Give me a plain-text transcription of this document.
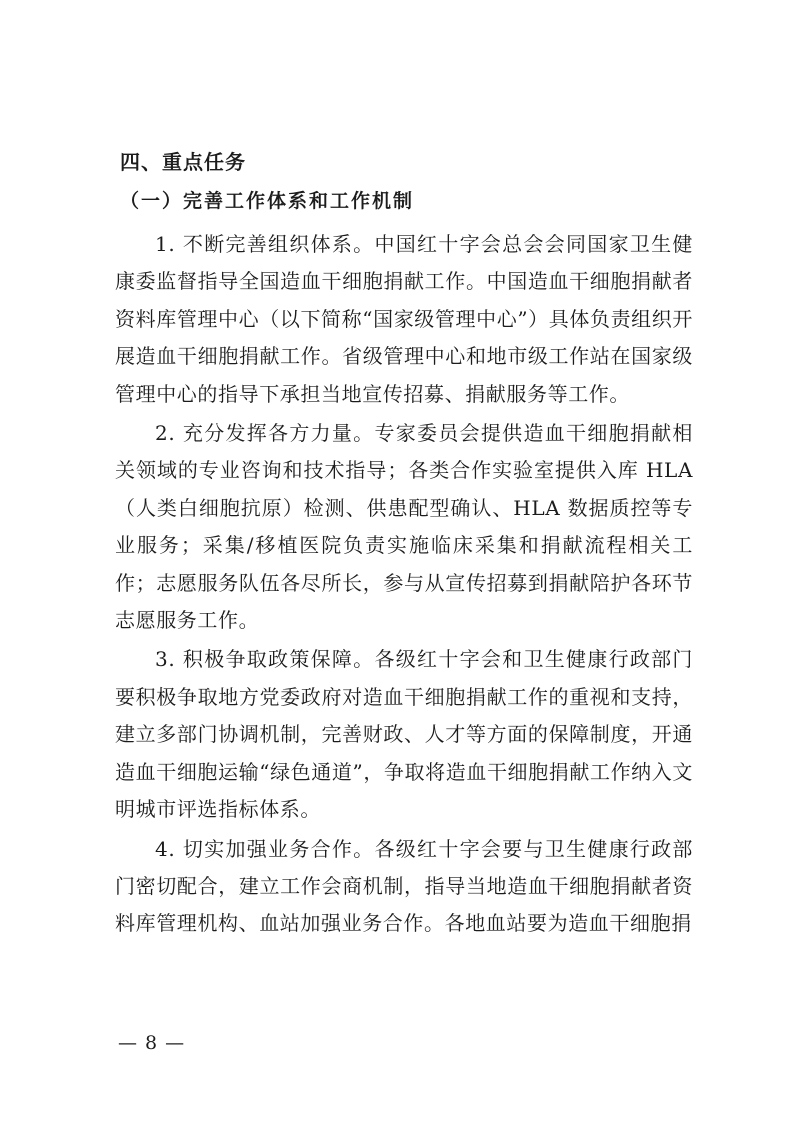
四、重点任务
（一）完善工作体系和工作机制

1. 不断完善组织体系。中国红十字会总会会同国家卫生健康委监督指导全国造血干细胞捐献工作。中国造血干细胞捐献者资料库管理中心（以下简称“国家级管理中心”）具体负责组织开展造血干细胞捐献工作。省级管理中心和地市级工作站在国家级管理中心的指导下承担当地宣传招募、捐献服务等工作。

2. 充分发挥各方力量。专家委员会提供造血干细胞捐献相关领域的专业咨询和技术指导；各类合作实验室提供入库 HLA（人类白细胞抗原）检测、供患配型确认、HLA 数据质控等专业服务；采集/移植医院负责实施临床采集和捐献流程相关工作；志愿服务队伍各尽所长，参与从宣传招募到捐献陪护各环节志愿服务工作。

3. 积极争取政策保障。各级红十字会和卫生健康行政部门要积极争取地方党委政府对造血干细胞捐献工作的重视和支持，建立多部门协调机制，完善财政、人才等方面的保障制度，开通造血干细胞运输“绿色通道”，争取将造血干细胞捐献工作纳入文明城市评选指标体系。

4. 切实加强业务合作。各级红十字会要与卫生健康行政部门密切配合，建立工作会商机制，指导当地造血干细胞捐献者资料库管理机构、血站加强业务合作。各地血站要为造血干细胞捐

— 8 —
